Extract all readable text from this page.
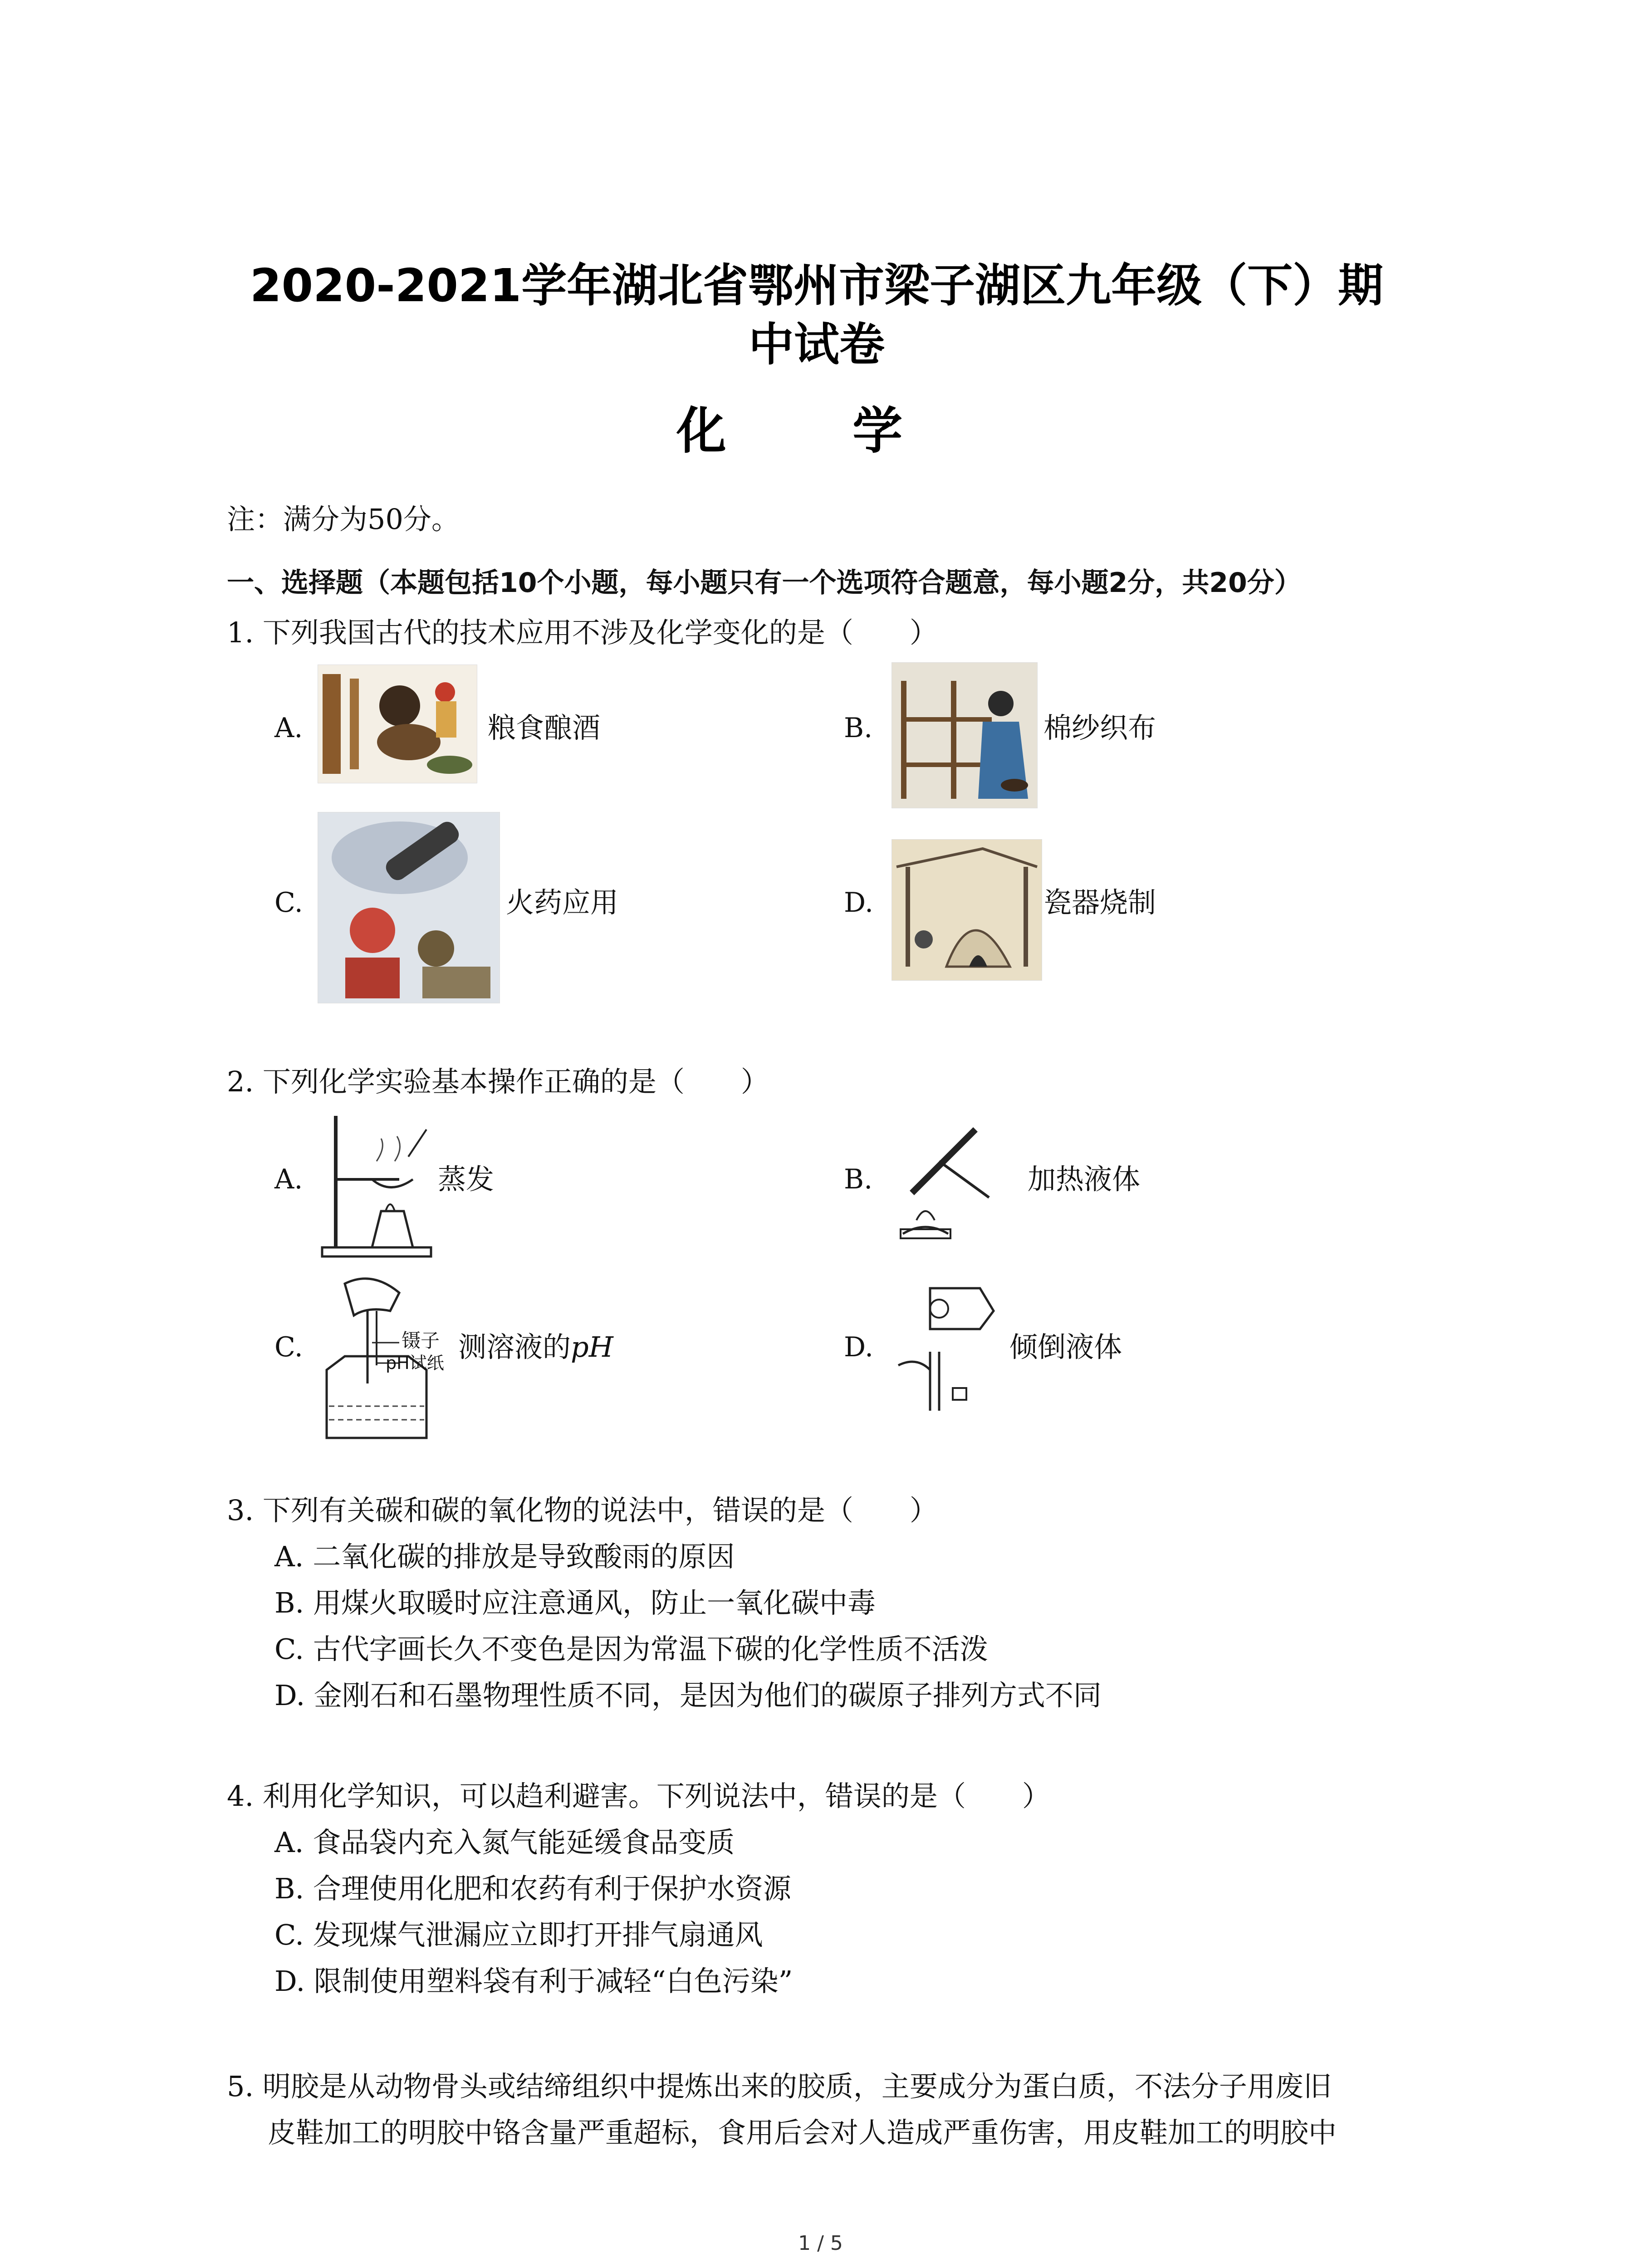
2020-2021学年湖北省鄂州市梁子湖区九年级（下）期
中试卷
化 学
注：满分为50分。
一、选择题（本题包括10个小题，每小题只有一个选项符合题意，每小题2分，共20分）
1. 下列我国古代的技术应用不涉及化学变化的是（　　）
A.	粮食酿酒	B.	棉纱织布
C.	火药应用	D.	瓷器烧制
2. 下列化学实验基本操作正确的是（　　）
A.	蒸发	B.	加热液体
C.	镊子
pH试纸 测溶液的pH	D.	倾倒液体
3. 下列有关碳和碳的氧化物的说法中，错误的是（　　）
A. 二氧化碳的排放是导致酸雨的原因
B. 用煤火取暖时应注意通风，防止一氧化碳中毒
C. 古代字画长久不变色是因为常温下碳的化学性质不活泼
D. 金刚石和石墨物理性质不同，是因为他们的碳原子排列方式不同
4. 利用化学知识，可以趋利避害。下列说法中，错误的是（　　）
A. 食品袋内充入氮气能延缓食品变质
B. 合理使用化肥和农药有利于保护水资源
C. 发现煤气泄漏应立即打开排气扇通风
D. 限制使用塑料袋有利于减轻“白色污染”
5. 明胶是从动物骨头或结缔组织中提炼出来的胶质，主要成分为蛋白质，不法分子用废旧
皮鞋加工的明胶中铬含量严重超标，食用后会对人造成严重伤害，用皮鞋加工的明胶中
1 / 5
